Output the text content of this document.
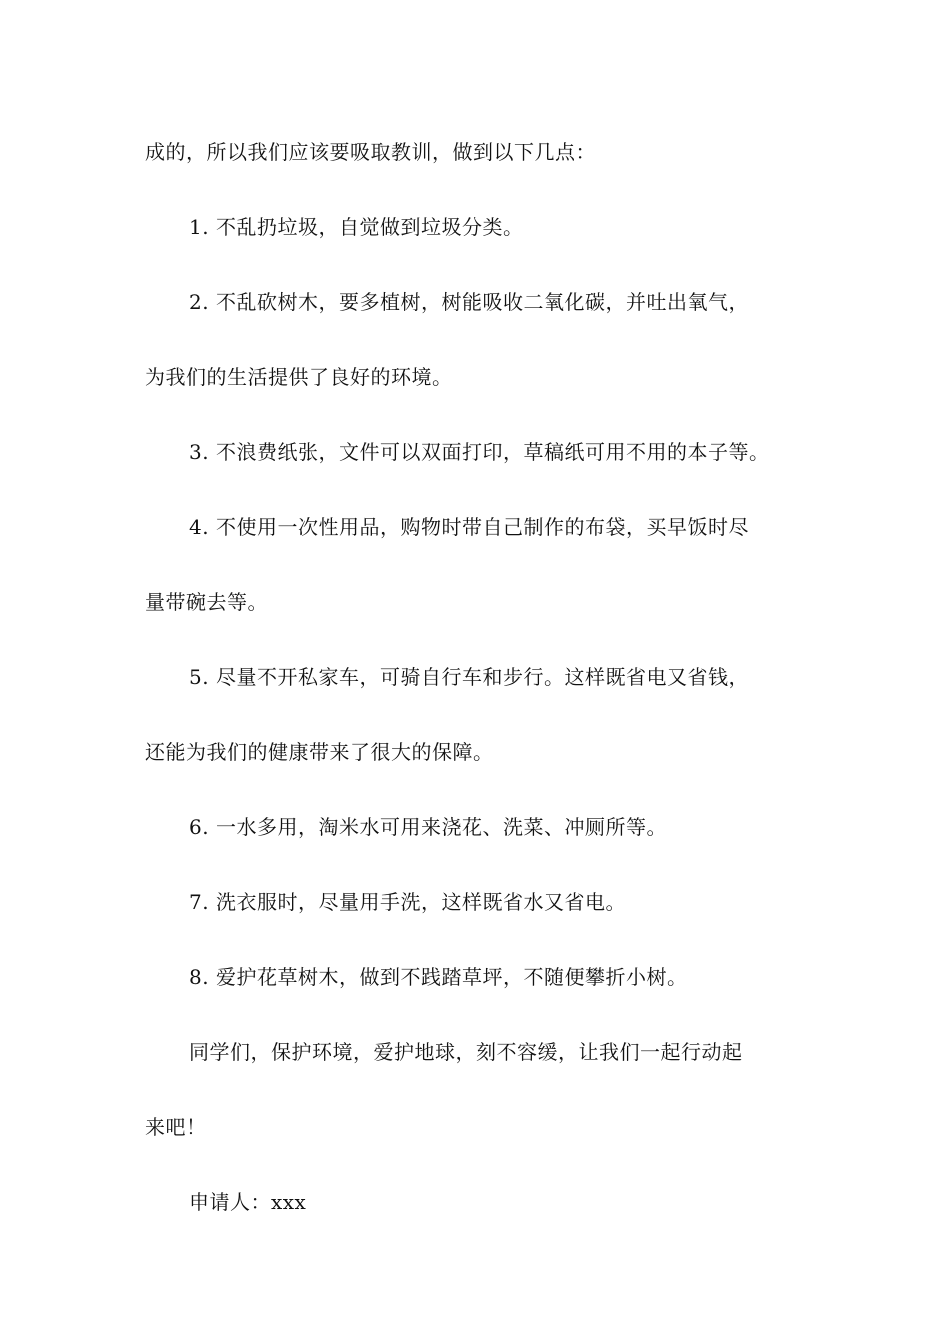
成的，所以我们应该要吸取教训，做到以下几点：
1. 不乱扔垃圾，自觉做到垃圾分类。
2. 不乱砍树木，要多植树，树能吸收二氧化碳，并吐出氧气，
为我们的生活提供了良好的环境。
3. 不浪费纸张，文件可以双面打印，草稿纸可用不用的本子等。
4. 不使用一次性用品，购物时带自己制作的布袋，买早饭时尽
量带碗去等。
5. 尽量不开私家车，可骑自行车和步行。这样既省电又省钱，
还能为我们的健康带来了很大的保障。
6. 一水多用，淘米水可用来浇花、洗菜、冲厕所等。
7. 洗衣服时，尽量用手洗，这样既省水又省电。
8. 爱护花草树木，做到不践踏草坪，不随便攀折小树。
同学们，保护环境，爱护地球，刻不容缓，让我们一起行动起
来吧！
申请人：xxx
